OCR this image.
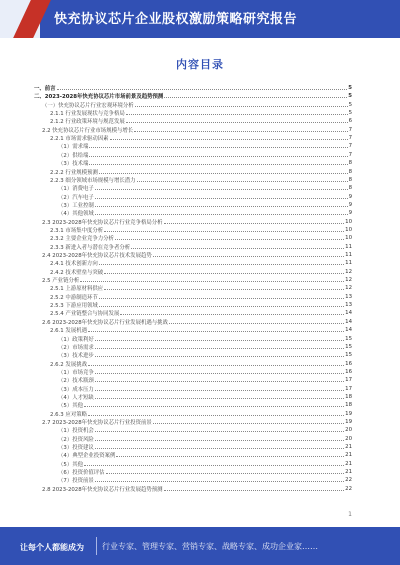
快充协议芯片企业股权激励策略研究报告
内容目录
一、前言	5
二、2023-2028年快充协议芯片市场前景及趋势预测	5
（一）快充协议芯片行业宏观环境分析	5
2.1.1 行业发展现状与竞争格局	5
2.1.2 行业政策环境与规范发展	6
2.2 快充协议芯片行业市场规模与增长	7
2.2.1 市场需求驱动因素	7
（1）需求端	7
（2）供给端	7
（3）技术端	8
2.2.2 行业规模预测	8
2.2.3 细分领域市场规模与增长潜力	8
（1）消费电子	8
（2）汽车电子	9
（3）工业控制	9
（4）其他领域	9
2.3 2023-2028年快充协议芯片行业竞争格局分析	10
2.3.1 市场集中度分析	10
2.3.2 主要企业竞争力分析	10
2.3.3 新进入者与潜在竞争者分析	11
2.4 2023-2028年快充协议芯片技术发展趋势	11
2.4.1 技术创新方向	11
2.4.2 技术壁垒与突破	12
2.5 产业链分析	12
2.5.1 上游原材料供应	12
2.5.2 中游制造环节	13
2.5.3 下游应用领域	13
2.5.4 产业链整合与协同发展	14
2.6 2023-2028年快充协议芯片行业发展机遇与挑战	14
2.6.1 发展机遇	14
（1）政策利好	15
（2）市场需求	15
（3）技术进步	15
2.6.2 发展挑战	16
（1）市场竞争	16
（2）技术瓶颈	17
（3）成本压力	17
（4）人才短缺	18
（5）其他	18
2.6.3 应对策略	19
2.7 2023-2028年快充协议芯片行业投资前景	19
（1）投资机会	20
（2）投资风险	20
（3）投资建议	21
（4）典型企业投资案例	21
（5）其他	21
（6）投资价值评估	21
（7）投资前景	22
2.8 2023-2028年快充协议芯片行业发展趋势预测	22
1
让每个人都能成为 行业专家、管理专家、营销专家、战略专家、成功企业家……
